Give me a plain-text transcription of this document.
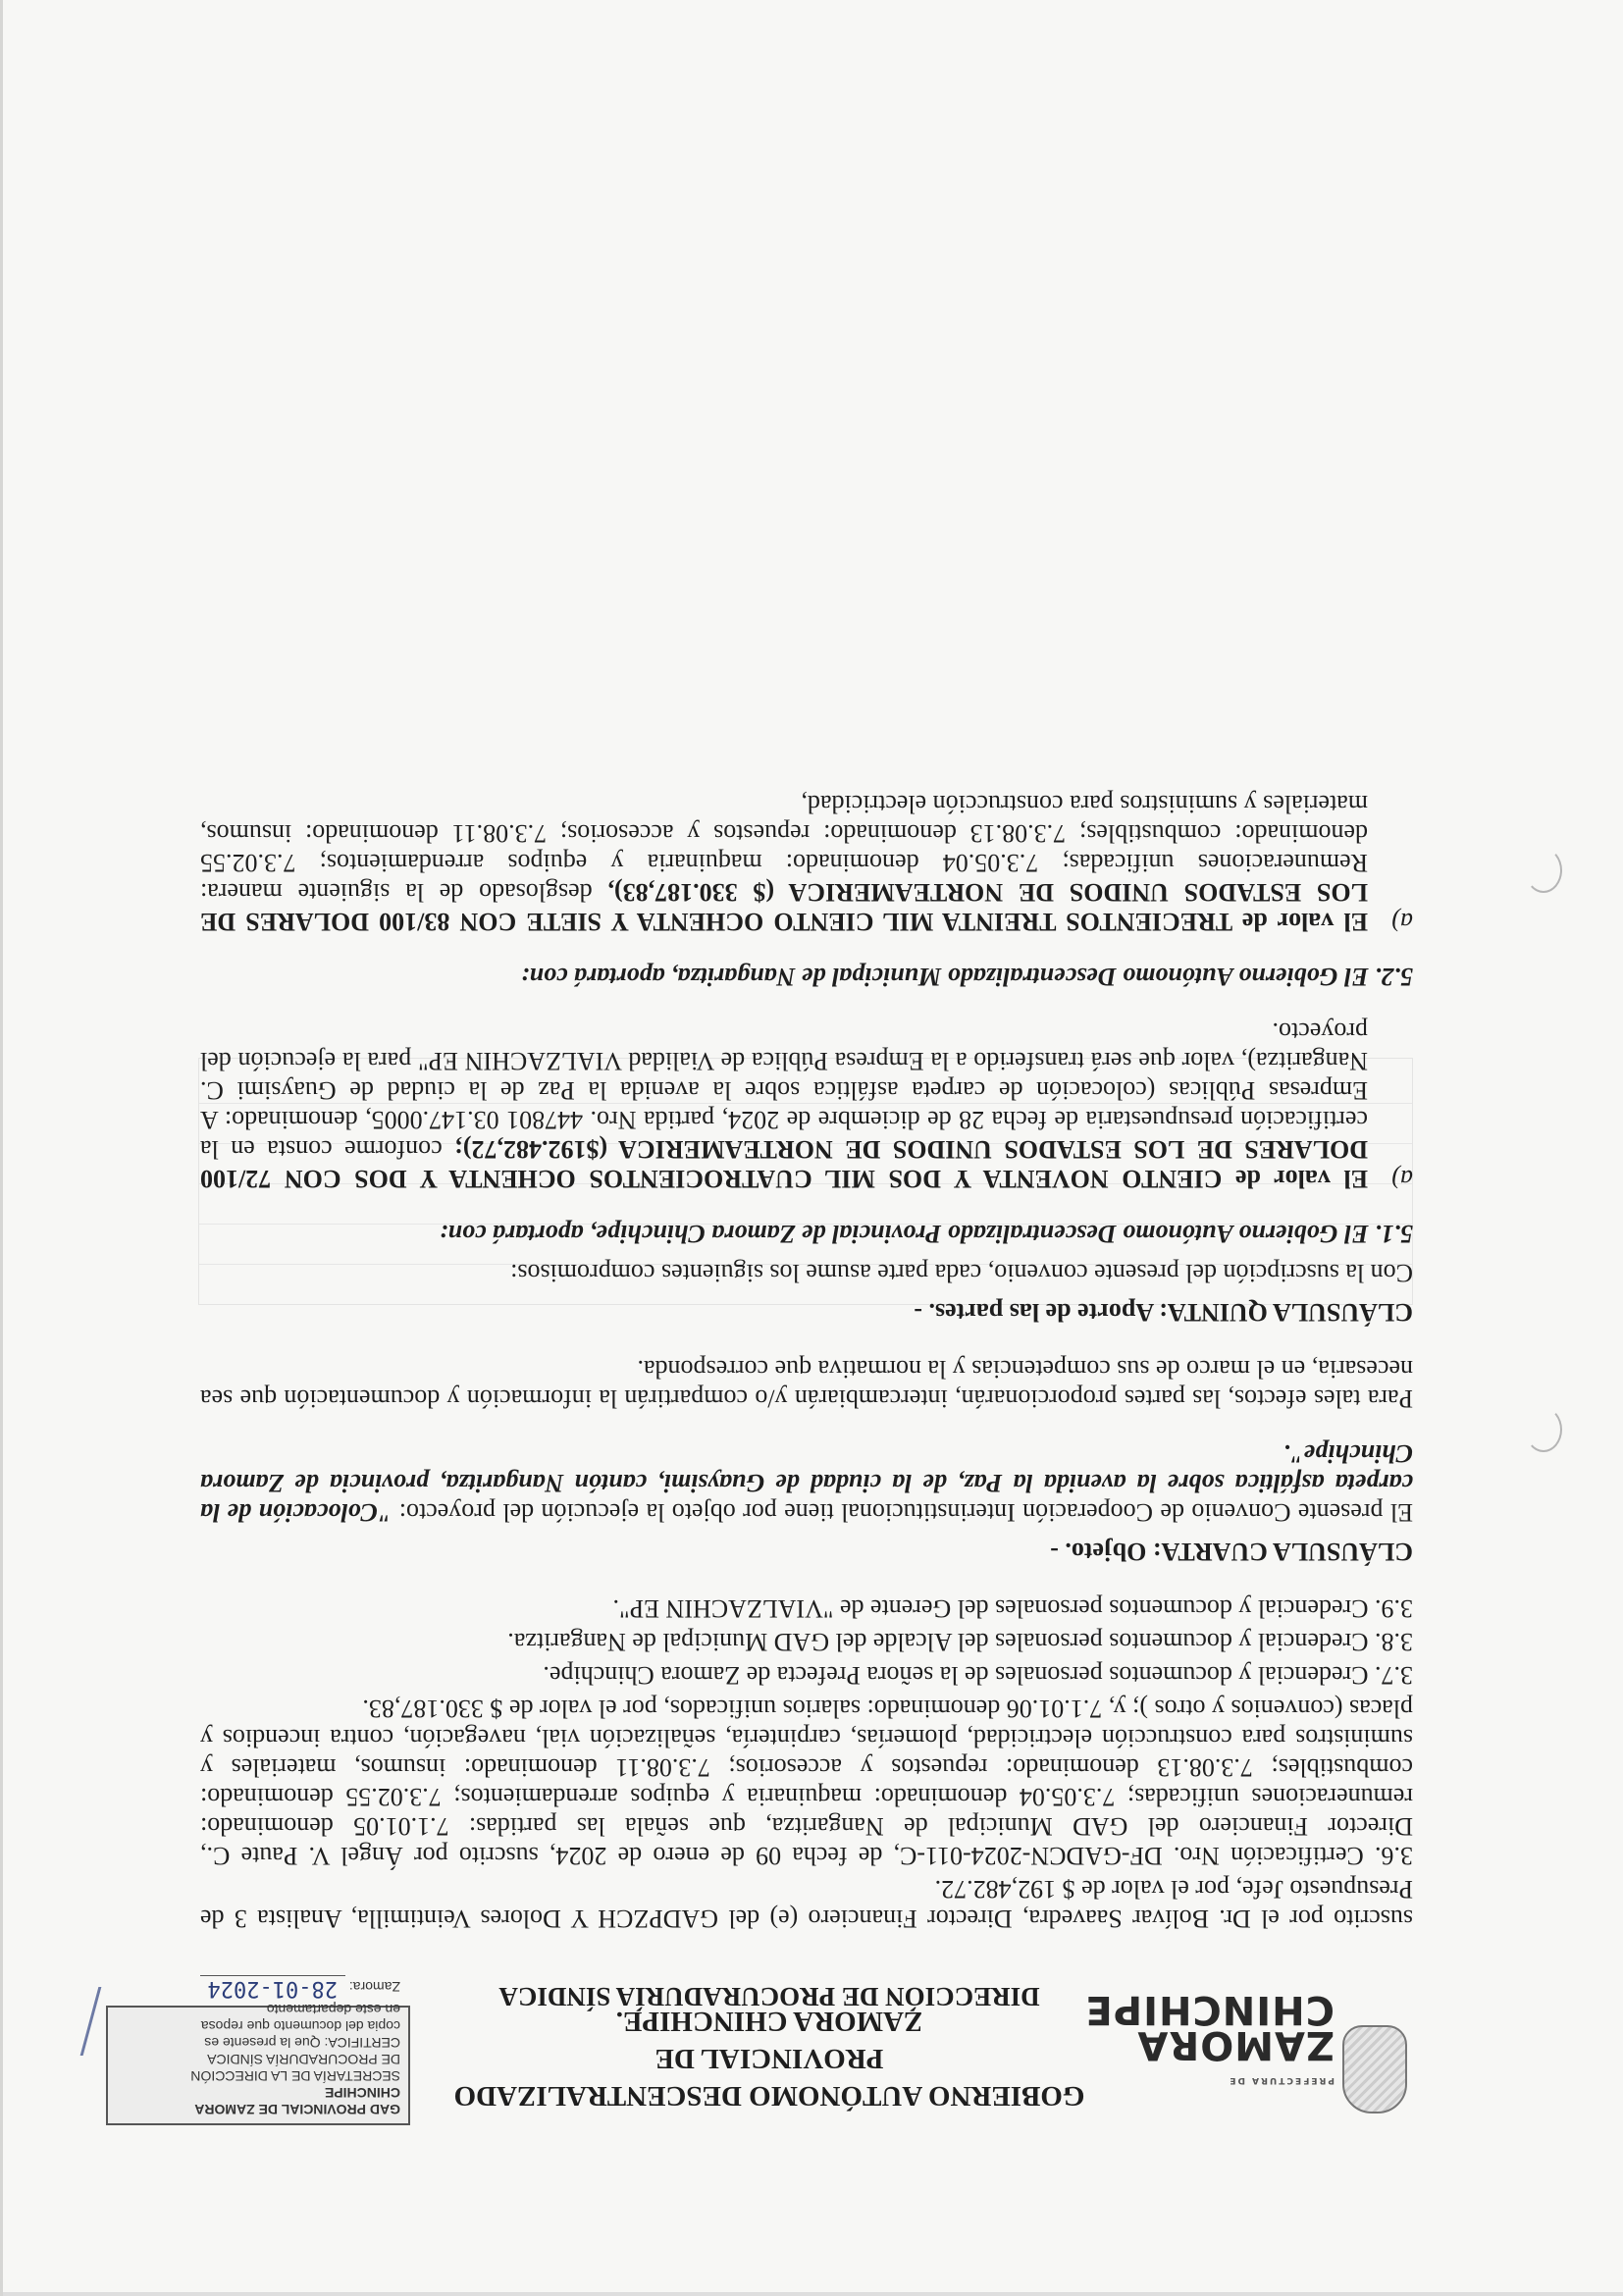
PREFECTURA DE
ZAMORA
CHINCHIPE
GOBIERNO AUTÓNOMO DESCENTRALIZADO PROVINCIAL DE
ZAMORA CHINCHIPE.
DIRECCIÓN DE PROCURADURÍA SÍNDICA
GAD PROVINCIAL DE ZAMORA CHINCHIPE
SECRETARÍA DE LA DIRECCIÓN
DE PROCURADURÍA SÍNDICA
CERTIFICA: Que la presente es
copia del documento que reposa
en este departamento
Zamora: 28-01-2024

suscrito por el Dr. Bolívar Saavedra, Director Financiero (e) del GADPZCH Y Dolores Veintimilla, Analista 3 de Presupuesto Jefe, por el valor de $ 192,482.72.

3.6. Certificación Nro. DF-GADCN-2024-011-C, de fecha 09 de enero de 2024, suscrito por Ángel V. Paute C., Director Financiero del GAD Municipal de Nangaritza, que señala las partidas: 7.1.01.05 denominado: remuneraciones unificadas; 7.3.05.04 denominado: maquinaria y equipos arrendamientos; 7.3.02.55 denominado: combustibles; 7.3.08.13 denominado: repuestos y accesorios; 7.3.08.11 denominado: insumos, materiales y suministros para construcción electricidad, plomerías, carpintería, señalización vial, navegación, contra incendios y placas (convenios y otros ); y, 7.1.01.06 denominado: salarios unificados, por el valor de $ 330.187,83.

3.7. Credencial y documentos personales de la señora Prefecta de Zamora Chinchipe.

3.8. Credencial y documentos personales del Alcalde del GAD Municipal de Nangaritza.

3.9. Credencial y documentos personales del Gerente de "VIALZACHIN EP".

CLÁUSULA CUARTA: Objeto. -

El presente Convenio de Cooperación Interinstitucional tiene por objeto la ejecución del proyecto: "Colocación de la carpeta asfáltica sobre la avenida la Paz, de la ciudad de Guaysimi, cantón Nangaritza, provincia de Zamora Chinchipe".

Para tales efectos, las partes proporcionarán, intercambiarán y/o compartirán la información y documentación que sea necesaria, en el marco de sus competencias y la normativa que corresponda.

CLÁUSULA QUINTA: Aporte de las partes. -

Con la suscripción del presente convenio, cada parte asume los siguientes compromisos:

5.1. El Gobierno Autónomo Descentralizado Provincial de Zamora Chinchipe, aportará con:

a)
El valor de CIENTO NOVENTA Y DOS MIL CUATROCIENTOS OCHENTA Y DOS CON 72/100 DOLARES DE LOS ESTADOS UNIDOS DE NORTEAMERICA ($192.482,72); conforme consta en la certificación presupuestaria de fecha 28 de diciembre de 2024, partida Nro. 447801 03.147.0005, denominado: A Empresas Públicas (colocación de carpeta asfáltica sobre la avenida la Paz de la ciudad de Guaysimi C. Nangaritza), valor que será transferido a la Empresa Pública de Vialidad VIALZACHIN EP" para la ejecución del proyecto.

5.2. El Gobierno Autónomo Descentralizado Municipal de Nangaritza, aportará con:

a)
El valor de TRECIENTOS TREINTA MIL CIENTO OCHENTA Y SIETE CON 83/100 DOLARES DE LOS ESTADOS UNIDOS DE NORTEAMERICA ($ 330.187,83), desglosado de la siguiente manera: Remuneraciones unificadas; 7.3.05.04 denominado: maquinaria y equipos arrendamientos; 7.3.02.55 denominado: combustibles; 7.3.08.13 denominado: repuestos y accesorios; 7.3.08.11 denominado: insumos, materiales y suministros para construcción electricidad,
